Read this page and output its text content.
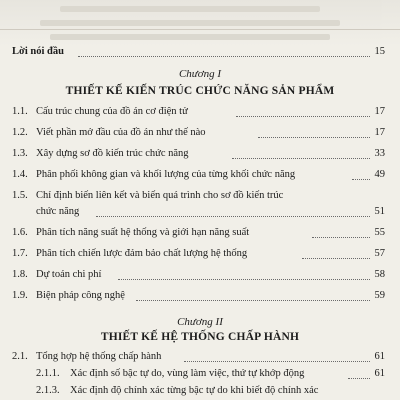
Lời nói đầu	15
Chương I
THIẾT KẾ KIẾN TRÚC CHỨC NĂNG SẢN PHẨM
1.1. Cấu trúc chung của đồ án cơ điện tử	17
1.2. Viết phần mở đầu của đồ án như thế nào	17
1.3. Xây dựng sơ đồ kiến trúc chức năng	33
1.4. Phân phối không gian và khối lượng của từng khối chức năng	49
1.5. Chỉ định biến liên kết và biến quá trình cho sơ đồ kiến trúc
chức năng	51
1.6. Phân tích năng suất hệ thống và giới hạn năng suất	55
1.7. Phân tích chiến lược đảm bảo chất lượng hệ thống	57
1.8. Dự toán chi phí	58
1.9. Biện pháp công nghệ	59
Chương II
THIẾT KẾ HỆ THỐNG CHẤP HÀNH
2.1. Tổng hợp hệ thống chấp hành	61
2.1.1. Xác định số bậc tự do, vùng làm việc, thứ tự khớp động	61
2.1.3. Xác định độ chính xác từng bậc tự do khi biết độ chính xác
